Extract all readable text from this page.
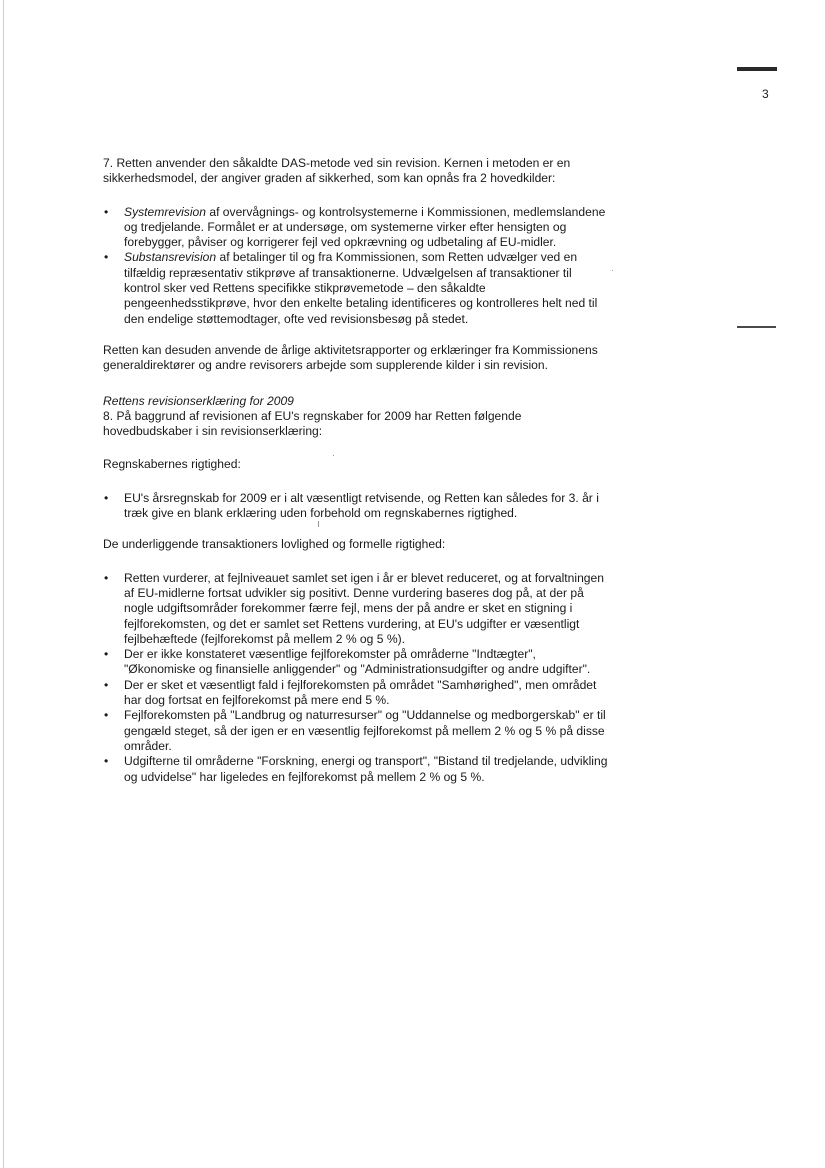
3

7. Retten anvender den såkaldte DAS-metode ved sin revision. Kernen i metoden er en sikkerhedsmodel, der angiver graden af sikkerhed, som kan opnås fra 2 hovedkilder:

• Systemrevision af overvågnings- og kontrolsystemerne i Kommissionen, medlemslandene og tredjelande. Formålet er at undersøge, om systemerne virker efter hensigten og forebygger, påviser og korrigerer fejl ved opkrævning og udbetaling af EU-midler.
• Substansrevision af betalinger til og fra Kommissionen, som Retten udvælger ved en tilfældig repræsentativ stikprøve af transaktionerne. Udvælgelsen af transaktioner til kontrol sker ved Rettens specifikke stikprøvemetode – den såkaldte pengeenhedsstikprøve, hvor den enkelte betaling identificeres og kontrolleres helt ned til den endelige støttemodtager, ofte ved revisionsbesøg på stedet.

Retten kan desuden anvende de årlige aktivitetsrapporter og erklæringer fra Kommissionens generaldirektører og andre revisorers arbejde som supplerende kilder i sin revision.

Rettens revisionserklæring for 2009

8. På baggrund af revisionen af EU's regnskaber for 2009 har Retten følgende hovedbudskaber i sin revisionserklæring:

Regnskabernes rigtighed:

• EU's årsregnskab for 2009 er i alt væsentligt retvisende, og Retten kan således for 3. år i træk give en blank erklæring uden forbehold om regnskabernes rigtighed.

De underliggende transaktioners lovlighed og formelle rigtighed:

• Retten vurderer, at fejlniveauet samlet set igen i år er blevet reduceret, og at forvaltningen af EU-midlerne fortsat udvikler sig positivt. Denne vurdering baseres dog på, at der på nogle udgiftsområder forekommer færre fejl, mens der på andre er sket en stigning i fejlforekomsten, og det er samlet set Rettens vurdering, at EU's udgifter er væsentligt fejlbehæftede (fejlforekomst på mellem 2 % og 5 %).
• Der er ikke konstateret væsentlige fejlforekomster på områderne "Indtægter", "Økonomiske og finansielle anliggender" og "Administrationsudgifter og andre udgifter".
• Der er sket et væsentligt fald i fejlforekomsten på området "Samhørighed", men området har dog fortsat en fejlforekomst på mere end 5 %.
• Fejlforekomsten på "Landbrug og naturresurser" og "Uddannelse og medborgerskab" er til gengæld steget, så der igen er en væsentlig fejlforekomst på mellem 2 % og 5 % på disse områder.
• Udgifterne til områderne "Forskning, energi og transport", "Bistand til tredjelande, udvikling og udvidelse" har ligeledes en fejlforekomst på mellem 2 % og 5 %.
